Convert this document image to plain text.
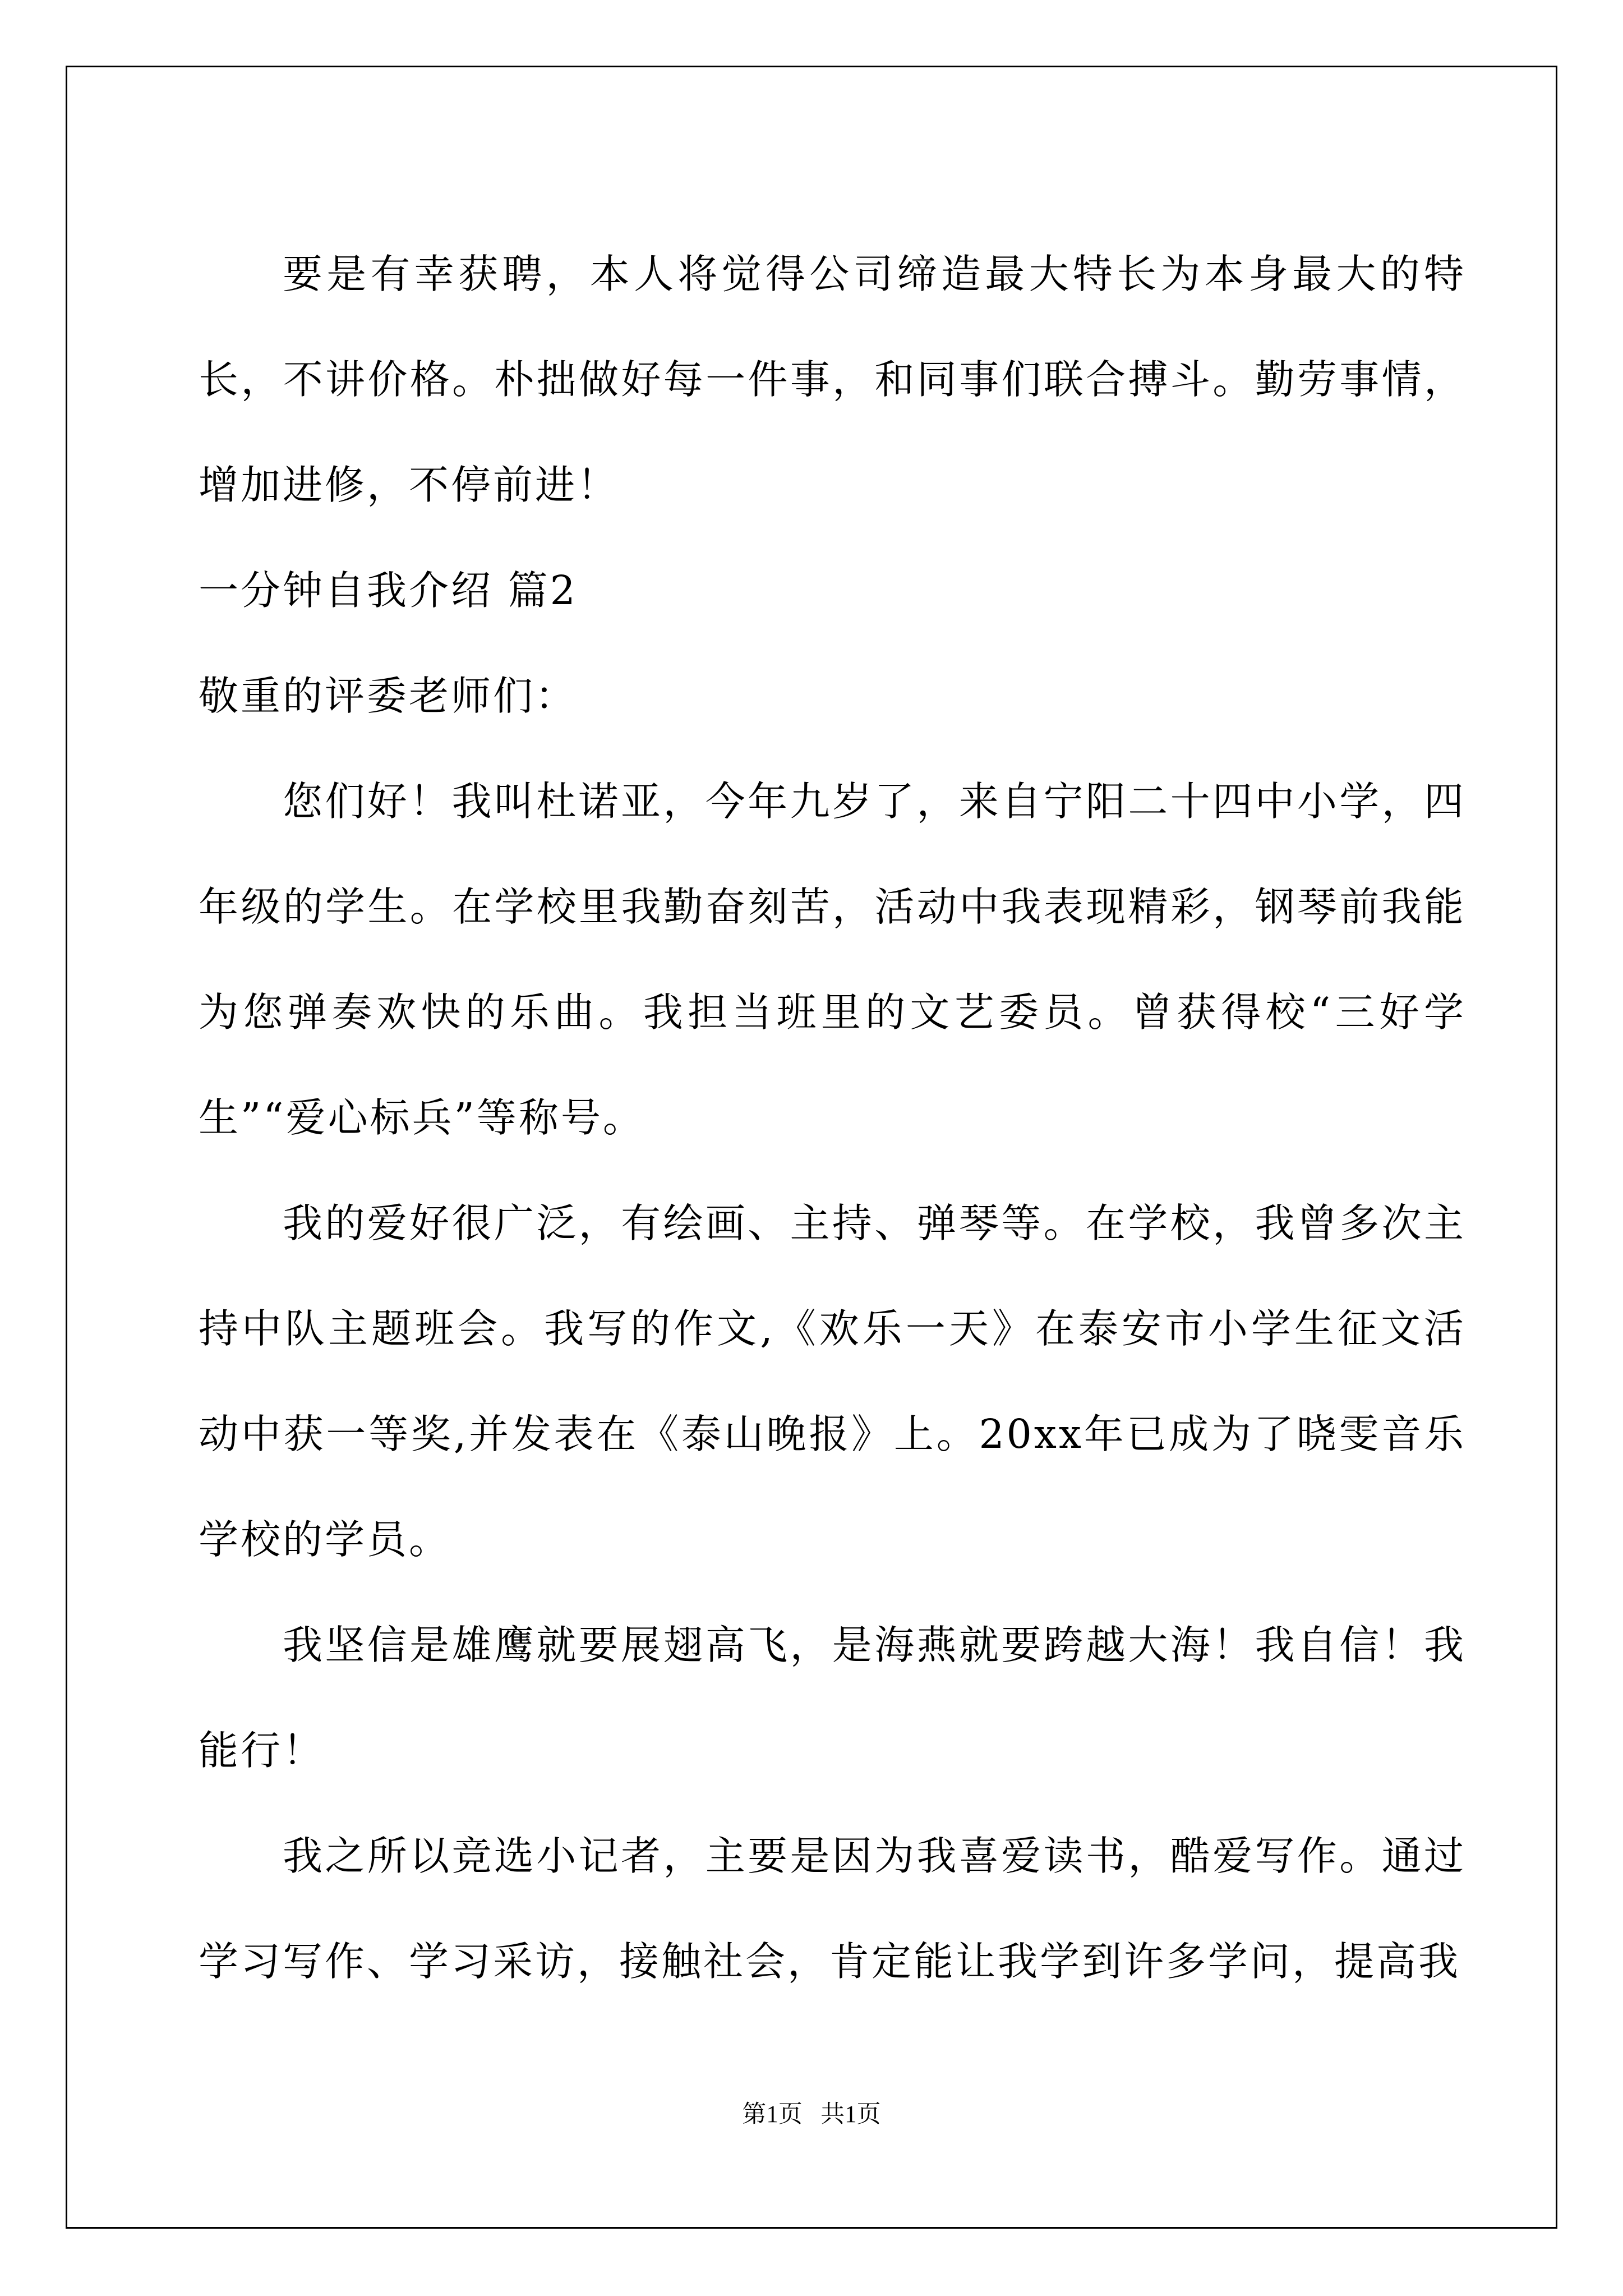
要是有幸获聘，本人将觉得公司缔造最大特长为本身最大的特长，不讲价格。朴拙做好每一件事，和同事们联合搏斗。勤劳事情，增加进修，不停前进！

一分钟自我介绍 篇2

敬重的评委老师们：

您们好！我叫杜诺亚，今年九岁了，来自宁阳二十四中小学，四年级的学生。在学校里我勤奋刻苦，活动中我表现精彩，钢琴前我能为您弹奏欢快的乐曲。我担当班里的文艺委员。曾获得校“三好学生”“爱心标兵”等称号。

我的爱好很广泛，有绘画、主持、弹琴等。在学校，我曾多次主持中队主题班会。我写的作文,《欢乐一天》在泰安市小学生征文活动中获一等奖,并发表在《泰山晚报》上。20xx年已成为了晓雯音乐学校的学员。

我坚信是雄鹰就要展翅高飞，是海燕就要跨越大海！我自信！我能行！

我之所以竞选小记者，主要是因为我喜爱读书，酷爱写作。通过学习写作、学习采访，接触社会，肯定能让我学到许多学问，提高我

第1页   共1页
